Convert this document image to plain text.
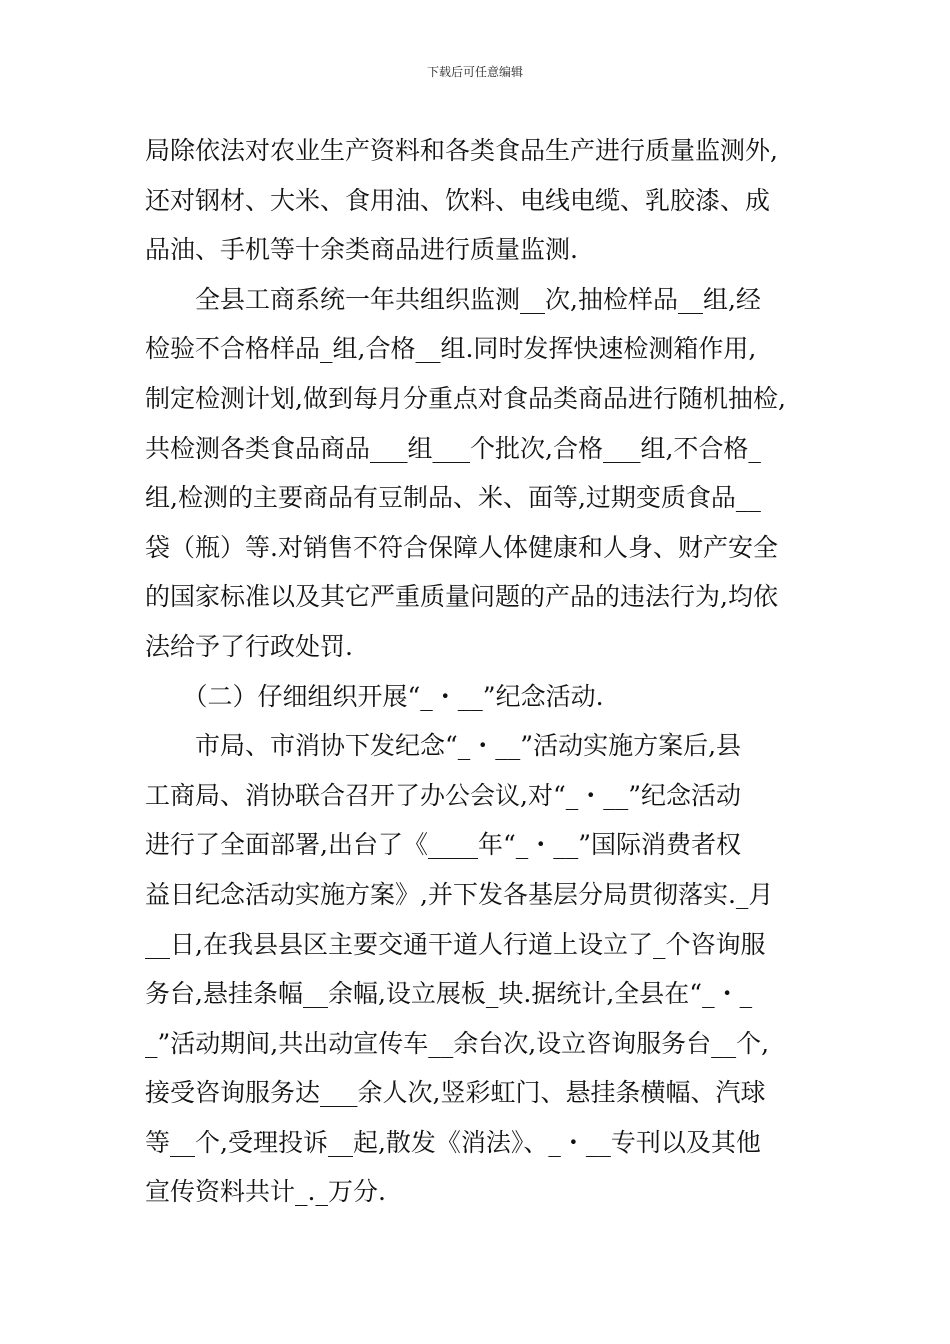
下载后可任意编辑
局除依法对农业生产资料和各类食品生产进行质量监测外,
还对钢材、大米、食用油、饮料、电线电缆、乳胶漆、成
品油、手机等十余类商品进行质量监测.
　　全县工商系统一年共组织监测__次,抽检样品__组,经
检验不合格样品_组,合格__组.同时发挥快速检测箱作用,
制定检测计划,做到每月分重点对食品类商品进行随机抽检,
共检测各类食品商品___组___个批次,合格___组,不合格_
组,检测的主要商品有豆制品、米、面等,过期变质食品__
袋（瓶）等.对销售不符合保障人体健康和人身、财产安全
的国家标准以及其它严重质量问题的产品的违法行为,均依
法给予了行政处罚.
　　（二）仔细组织开展“_・__”纪念活动.
　　市局、市消协下发纪念“_・__”活动实施方案后,县
工商局、消协联合召开了办公会议,对“_・__”纪念活动
进行了全面部署,出台了《____年“_・__”国际消费者权
益日纪念活动实施方案》,并下发各基层分局贯彻落实._月
__日,在我县县区主要交通干道人行道上设立了_个咨询服
务台,悬挂条幅__余幅,设立展板_块.据统计,全县在“_・_
_”活动期间,共出动宣传车__余台次,设立咨询服务台__个,
接受咨询服务达___余人次,竖彩虹门、悬挂条横幅、汽球
等__个,受理投诉__起,散发《消法》、_・__专刊以及其他
宣传资料共计_._万分.
